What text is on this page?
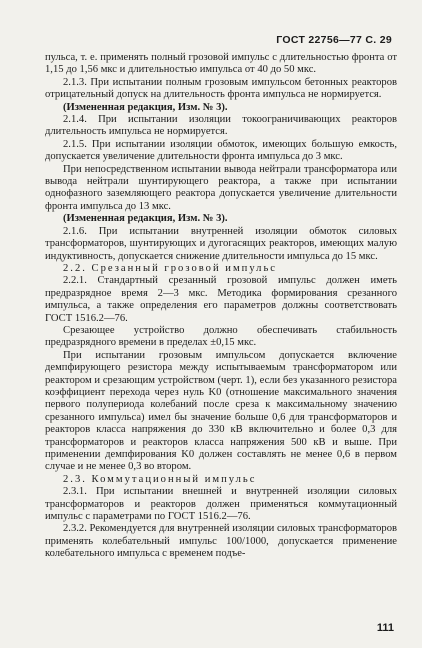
ГОСТ 22756—77 С. 29

пульса, т. е. применять полный грозовой импульс с длительностью фронта от 1,15 до 1,56 мкс и длительностью импульса от 40 до 50 мкс.

2.1.3. При испытании полным грозовым импульсом бетонных реакторов отрицательный допуск на длительность фронта импульса не нормируется.

(Измененная редакция, Изм. № 3).

2.1.4. При испытании изоляции токоограничивающих реакторов длительность импульса не нормируется.

2.1.5. При испытании изоляции обмоток, имеющих большую емкость, допускается увеличение длительности фронта импульса до 3 мкс.

При непосредственном испытании вывода нейтрали трансформатора или вывода нейтрали шунтирующего реактора, а также при испытании однофазного заземляющего реактора допускается увеличение длительности фронта импульса до 13 мкс.

(Измененная редакция, Изм. № 3).

2.1.6. При испытании внутренней изоляции обмоток силовых трансформаторов, шунтирующих и дугогасящих реакторов, имеющих малую индуктивность, допускается снижение длительности импульса до 15 мкс.

2.2. Срезанный грозовой импульс

2.2.1. Стандартный срезанный грозовой импульс должен иметь предразрядное время 2—3 мкс. Методика формирования срезанного импульса, а также определения его параметров должны соответствовать ГОСТ 1516.2—76.

Срезающее устройство должно обеспечивать стабильность предразрядного времени в пределах ±0,15 мкс.

При испытании грозовым импульсом допускается включение демпфирующего резистора между испытываемым трансформатором или реактором и срезающим устройством (черт. 1), если без указанного резистора коэффициент перехода через нуль K0 (отношение максимального значения первого полупериода колебаний после среза к максимальному значению срезанного импульса) имел бы значение больше 0,6 для трансформаторов и реакторов класса напряжения до 330 кВ включительно и более 0,3 для трансформаторов и реакторов класса напряжения 500 кВ и выше. При применении демпфирования K0 должен составлять не менее 0,6 в первом случае и не менее 0,3 во втором.

2.3. Коммутационный импульс

2.3.1. При испытании внешней и внутренней изоляции силовых трансформаторов и реакторов должен применяться коммутационный импульс с параметрами по ГОСТ 1516.2—76.

2.3.2. Рекомендуется для внутренней изоляции силовых трансформаторов применять колебательный импульс 100/1000, допускается применение колебательного импульса с временем подъе-

111
